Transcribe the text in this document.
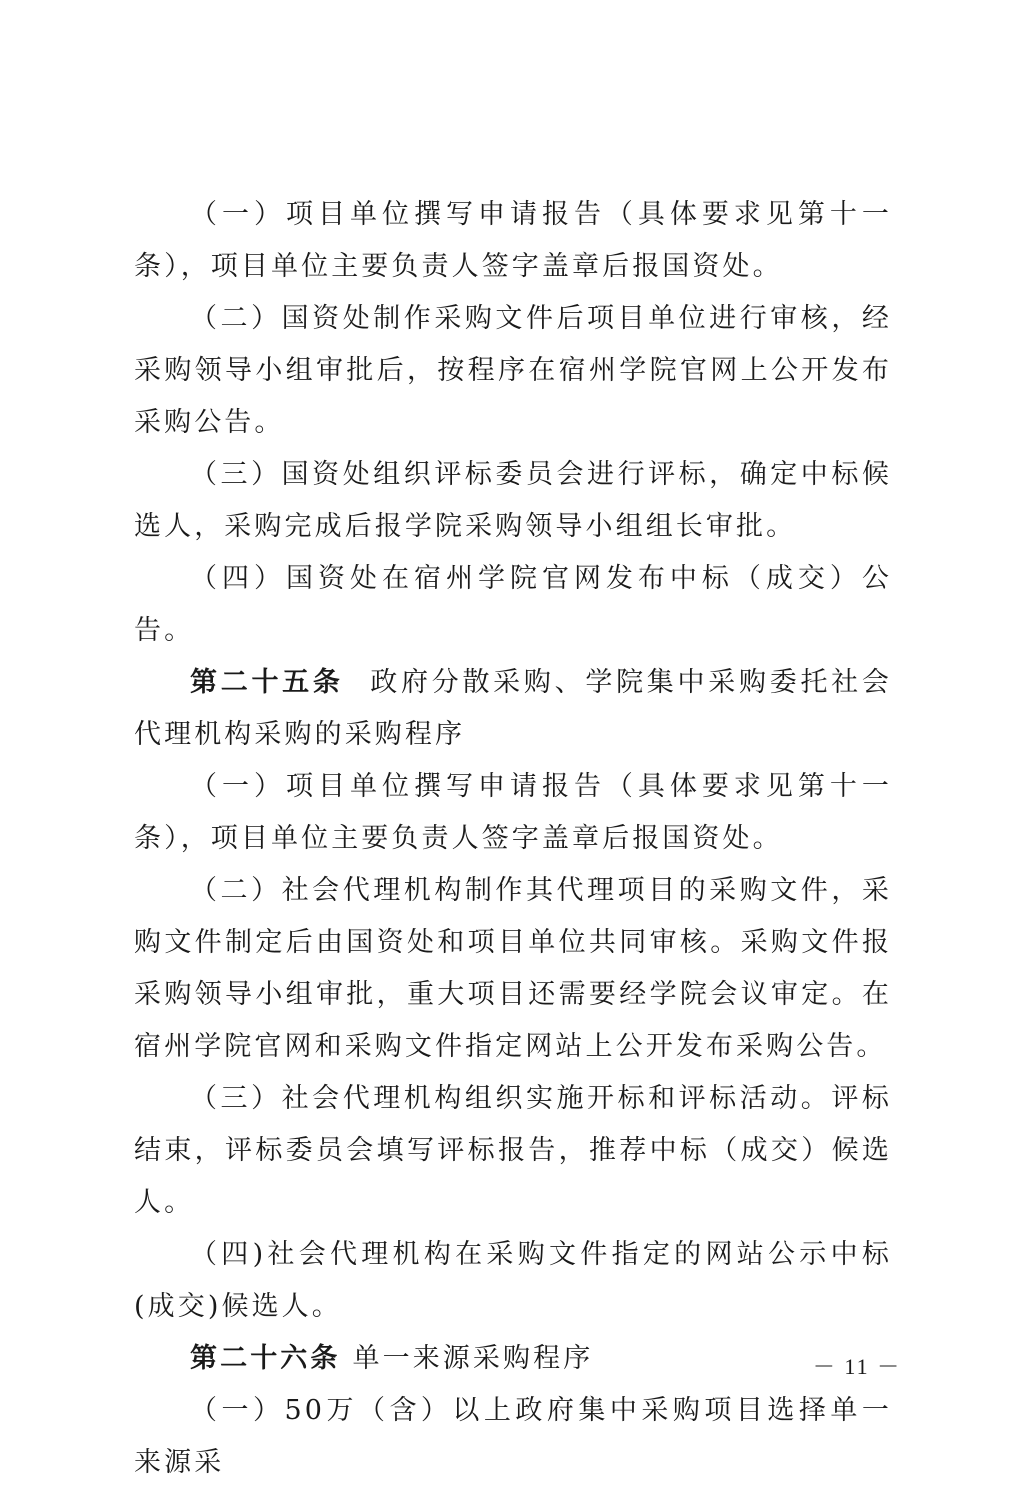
（一）项目单位撰写申请报告（具体要求见第十一条），项目单位主要负责人签字盖章后报国资处。

（二）国资处制作采购文件后项目单位进行审核，经采购领导小组审批后，按程序在宿州学院官网上公开发布采购公告。

（三）国资处组织评标委员会进行评标，确定中标候选人，采购完成后报学院采购领导小组组长审批。

（四）国资处在宿州学院官网发布中标（成交）公告。

第二十五条 政府分散采购、学院集中采购委托社会代理机构采购的采购程序

（一）项目单位撰写申请报告（具体要求见第十一条），项目单位主要负责人签字盖章后报国资处。

（二）社会代理机构制作其代理项目的采购文件，采购文件制定后由国资处和项目单位共同审核。采购文件报采购领导小组审批，重大项目还需要经学院会议审定。在宿州学院官网和采购文件指定网站上公开发布采购公告。

（三）社会代理机构组织实施开标和评标活动。评标结束，评标委员会填写评标报告，推荐中标（成交）候选人。

（四)社会代理机构在采购文件指定的网站公示中标(成交)候选人。

第二十六条 单一来源采购程序

（一）50万（含）以上政府集中采购项目选择单一来源采

－ 11 －
